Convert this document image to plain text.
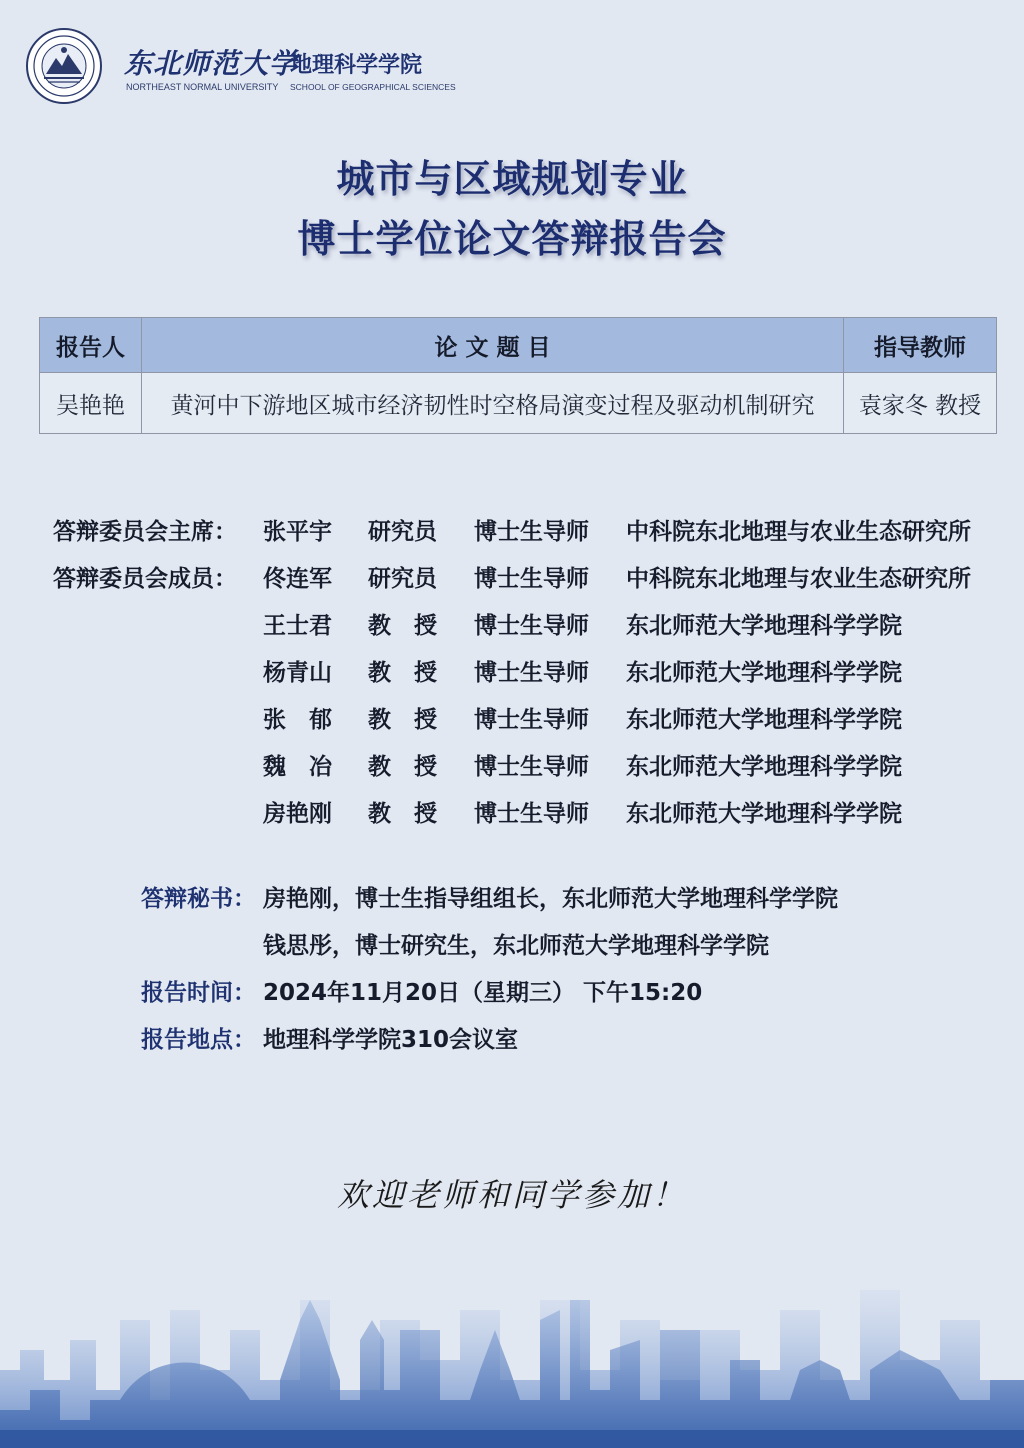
东北师范大学
地理科学学院
NORTHEAST NORMAL UNIVERSITY SCHOOL OF GEOGRAPHICAL SCIENCES
城市与区域规划专业
博士学位论文答辩报告会
报告人	论 文 题 目	指导教师
吴艳艳	黄河中下游地区城市经济韧性时空格局演变过程及驱动机制研究	袁家冬 教授
答辩委员会主席： 张平宇 研究员 博士生导师 中科院东北地理与农业生态研究所
答辩委员会成员： 佟连军 研究员 博士生导师 中科院东北地理与农业生态研究所
王士君 教　授 博士生导师 东北师范大学地理科学学院
杨青山 教　授 博士生导师 东北师范大学地理科学学院
张　郁 教　授 博士生导师 东北师范大学地理科学学院
魏　冶 教　授 博士生导师 东北师范大学地理科学学院
房艳刚 教　授 博士生导师 东北师范大学地理科学学院
答辩秘书： 房艳刚，博士生指导组组长，东北师范大学地理科学学院
钱思彤，博士研究生，东北师范大学地理科学学院
报告时间： 2024年11月20日（星期三） 下午15:20
报告地点： 地理科学学院310会议室
欢迎老师和同学参加！
